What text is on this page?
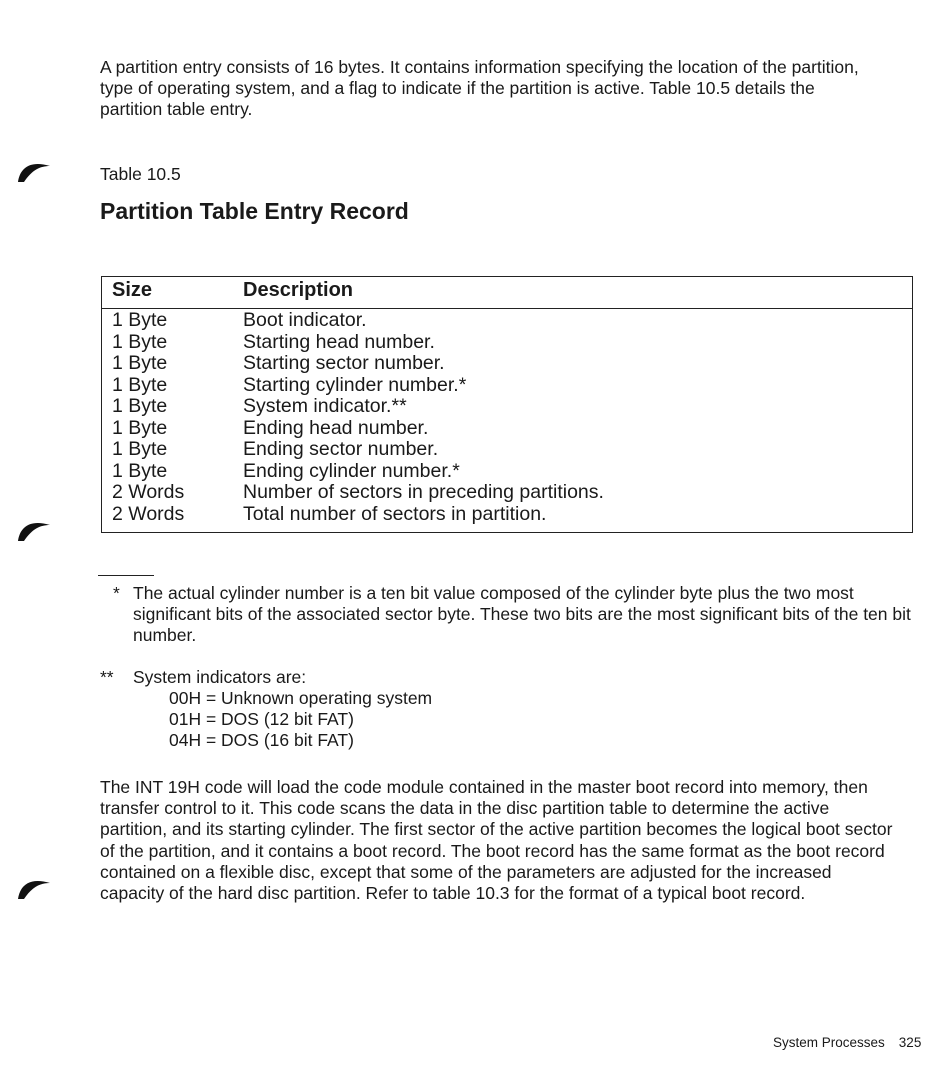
A partition entry consists of 16 bytes. It contains information specifying the location of the partition, type of operating system, and a flag to indicate if the partition is active. Table 10.5 details the partition table entry.

Table 10.5
Partition Table Entry Record
Size	Description
1 Byte	Boot indicator.
1 Byte	Starting head number.
1 Byte	Starting sector number.
1 Byte	Starting cylinder number.*
1 Byte	System indicator.**
1 Byte	Ending head number.
1 Byte	Ending sector number.
1 Byte	Ending cylinder number.*
2 Words	Number of sectors in preceding partitions.
2 Words	Total number of sectors in partition.
* The actual cylinder number is a ten bit value composed of the cylinder byte plus the two most significant bits of the associated sector byte. These two bits are the most significant bits of the ten bit number.

** System indicators are:

00H = Unknown operating system
01H = DOS (12 bit FAT)
04H = DOS (16 bit FAT)

The INT 19H code will load the code module contained in the master boot record into memory, then transfer control to it. This code scans the data in the disc partition table to determine the active partition, and its starting cylinder. The first sector of the active partition becomes the logical boot sector of the partition, and it contains a boot record. The boot record has the same format as the boot record contained on a flexible disc, except that some of the parameters are adjusted for the increased capacity of the hard disc partition. Refer to table 10.3 for the format of a typical boot record.

System Processes 325
